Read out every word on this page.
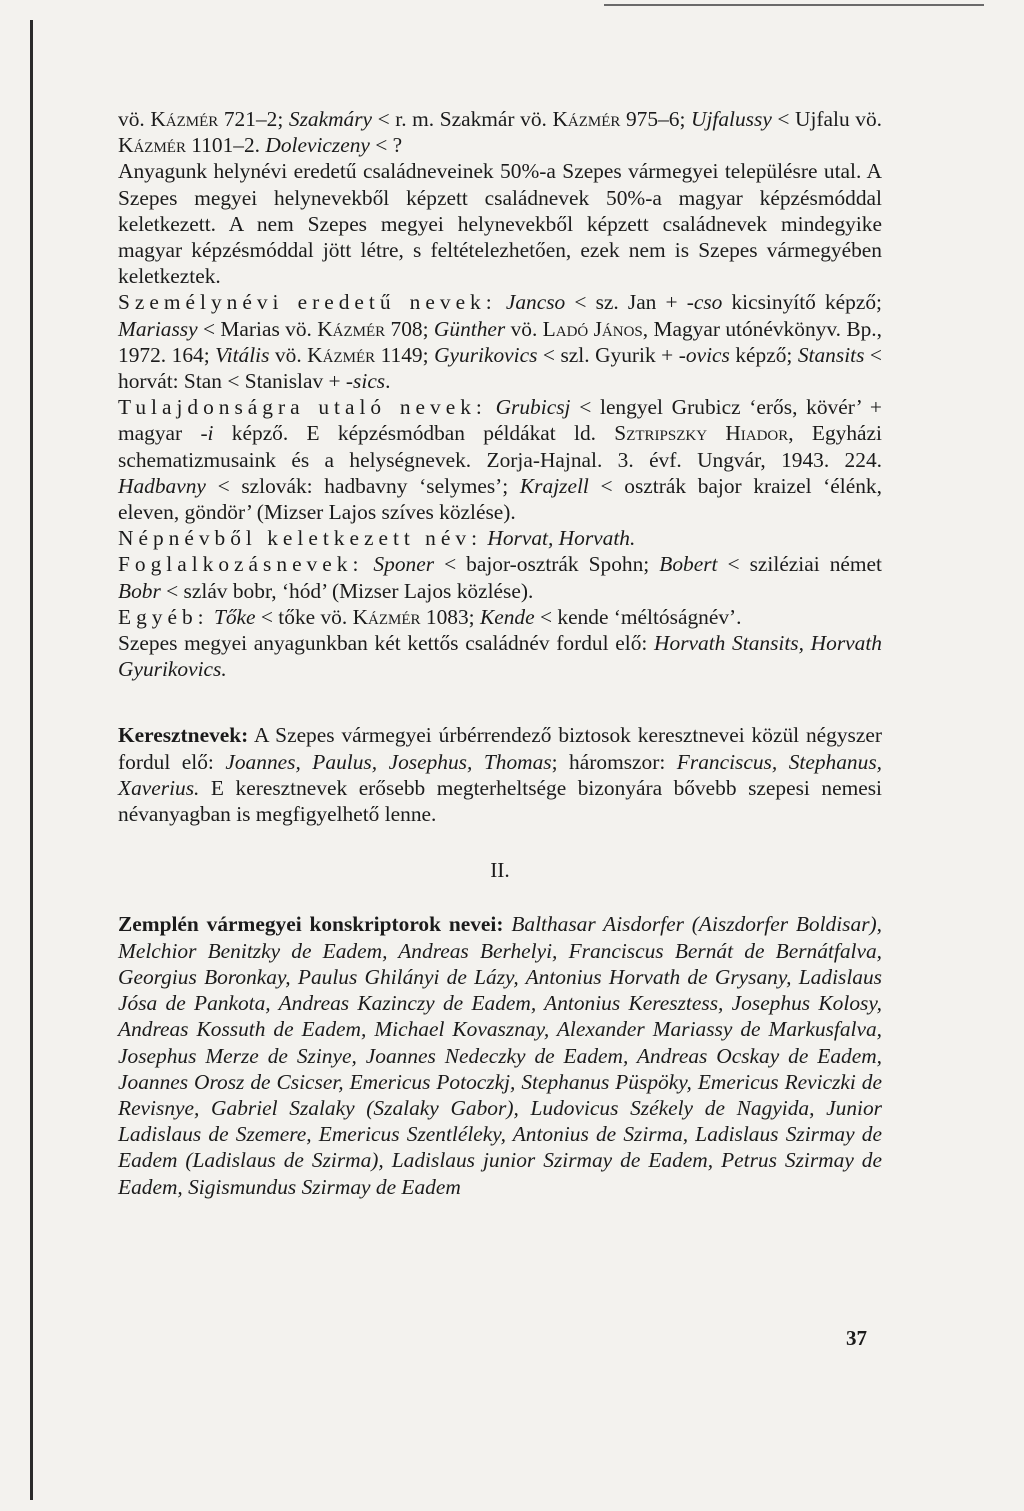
vö. Kázmér 721–2; Szakmáry < r. m. Szakmár vö. Kázmér 975–6; Ujfalussy < Ujfalu vö. Kázmér 1101–2. Doleviczeny < ?

Anyagunk helynévi eredetű családneveinek 50%-a Szepes vármegyei településre utal. A Szepes megyei helynevekből képzett családnevek 50%-a magyar képzésmóddal keletkezett. A nem Szepes megyei helynevekből képzett családnevek mindegyike magyar képzésmóddal jött létre, s feltételezhetően, ezek nem is Szepes vármegyében keletkeztek.

Személynévi eredetű nevek: Jancso < sz. Jan + -cso kicsinyítő képző; Mariassy < Marias vö. Kázmér 708; Günther vö. Ladó János, Magyar utónévkönyv. Bp., 1972. 164; Vitális vö. Kázmér 1149; Gyurikovics < szl. Gyurik + -ovics képző; Stansits < horvát: Stan < Stanislav + -sics.

Tulajdonságra utaló nevek: Grubicsj < lengyel Grubicz ‘erős, kövér’ + magyar -i képző. E képzésmódban példákat ld. Sztripszky Hiador, Egyházi schematizmusaink és a helységnevek. Zorja-Hajnal. 3. évf. Ungvár, 1943. 224. Hadbavny < szlovák: hadbavny ‘selymes’; Krajzell < osztrák bajor kraizel ‘élénk, eleven, göndör’ (Mizser Lajos szíves közlése).

Népnévből keletkezett név: Horvat, Horvath.

Foglalkozásnevek: Sponer < bajor-osztrák Spohn; Bobert < sziléziai német Bobr < szláv bobr, ‘hód’ (Mizser Lajos közlése).

Egyéb: Tőke < tőke vö. Kázmér 1083; Kende < kende ‘méltóságnév’.

Szepes megyei anyagunkban két kettős családnév fordul elő: Horvath Stansits, Horvath Gyurikovics.

Keresztnevek: A Szepes vármegyei úrbérrendező biztosok keresztnevei közül négyszer fordul elő: Joannes, Paulus, Josephus, Thomas; háromszor: Franciscus, Stephanus, Xaverius. E keresztnevek erősebb megterheltsége bizonyára bővebb szepesi nemesi névanyagban is megfigyelhető lenne.

II.

Zemplén vármegyei konskriptorok nevei: Balthasar Aisdorfer (Aiszdorfer Boldisar), Melchior Benitzky de Eadem, Andreas Berhelyi, Franciscus Bernát de Bernátfalva, Georgius Boronkay, Paulus Ghilányi de Lázy, Antonius Horvath de Grysany, Ladislaus Jósa de Pankota, Andreas Kazinczy de Eadem, Antonius Keresztess, Josephus Kolosy, Andreas Kossuth de Eadem, Michael Kovasznay, Alexander Mariassy de Markusfalva, Josephus Merze de Szinye, Joannes Nedeczky de Eadem, Andreas Ocskay de Eadem, Joannes Orosz de Csicser, Emericus Potoczkj, Stephanus Püspöky, Emericus Reviczki de Revisnye, Gabriel Szalaky (Szalaky Gabor), Ludovicus Székely de Nagyida, Junior Ladislaus de Szemere, Emericus Szentléleky, Antonius de Szirma, Ladislaus Szirmay de Eadem (Ladislaus de Szirma), Ladislaus junior Szirmay de Eadem, Petrus Szirmay de Eadem, Sigismundus Szirmay de Eadem

37
